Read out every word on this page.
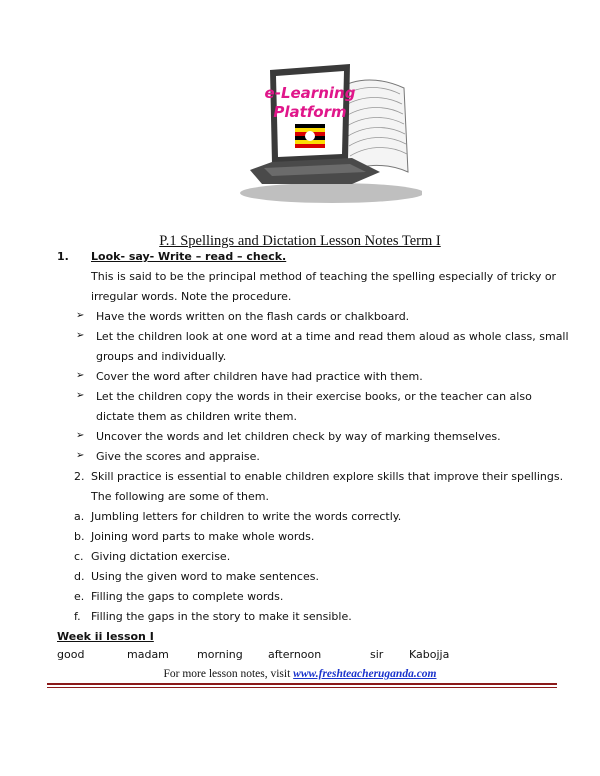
e-Learning
Platform
P.1 Spellings and Dictation Lesson Notes Term I
1. Look- say- Write – read – check.
This is said to be the principal method of teaching the spelling especially of tricky or
irregular words. Note the procedure.
➢ Have the words written on the flash cards or chalkboard.
➢ Let the children look at one word at a time and read them aloud as whole class, small
groups and individually.
➢ Cover the word after children have had practice with them.
➢ Let the children copy the words in their exercise books, or the teacher can also
dictate them as children write them.
➢ Uncover the words and let children check by way of marking themselves.
➢ Give the scores and appraise.
2. Skill practice is essential to enable children explore skills that improve their spellings.
The following are some of them.
a. Jumbling letters for children to write the words correctly.
b. Joining word parts to make whole words.
c. Giving dictation exercise.
d. Using the given word to make sentences.
e. Filling the gaps to complete words.
f. Filling the gaps in the story to make it sensible.
Week ii lesson I
good	madam	morning afternoon	sir Kabojja
For more lesson notes, visit www.freshteacheruganda.com
